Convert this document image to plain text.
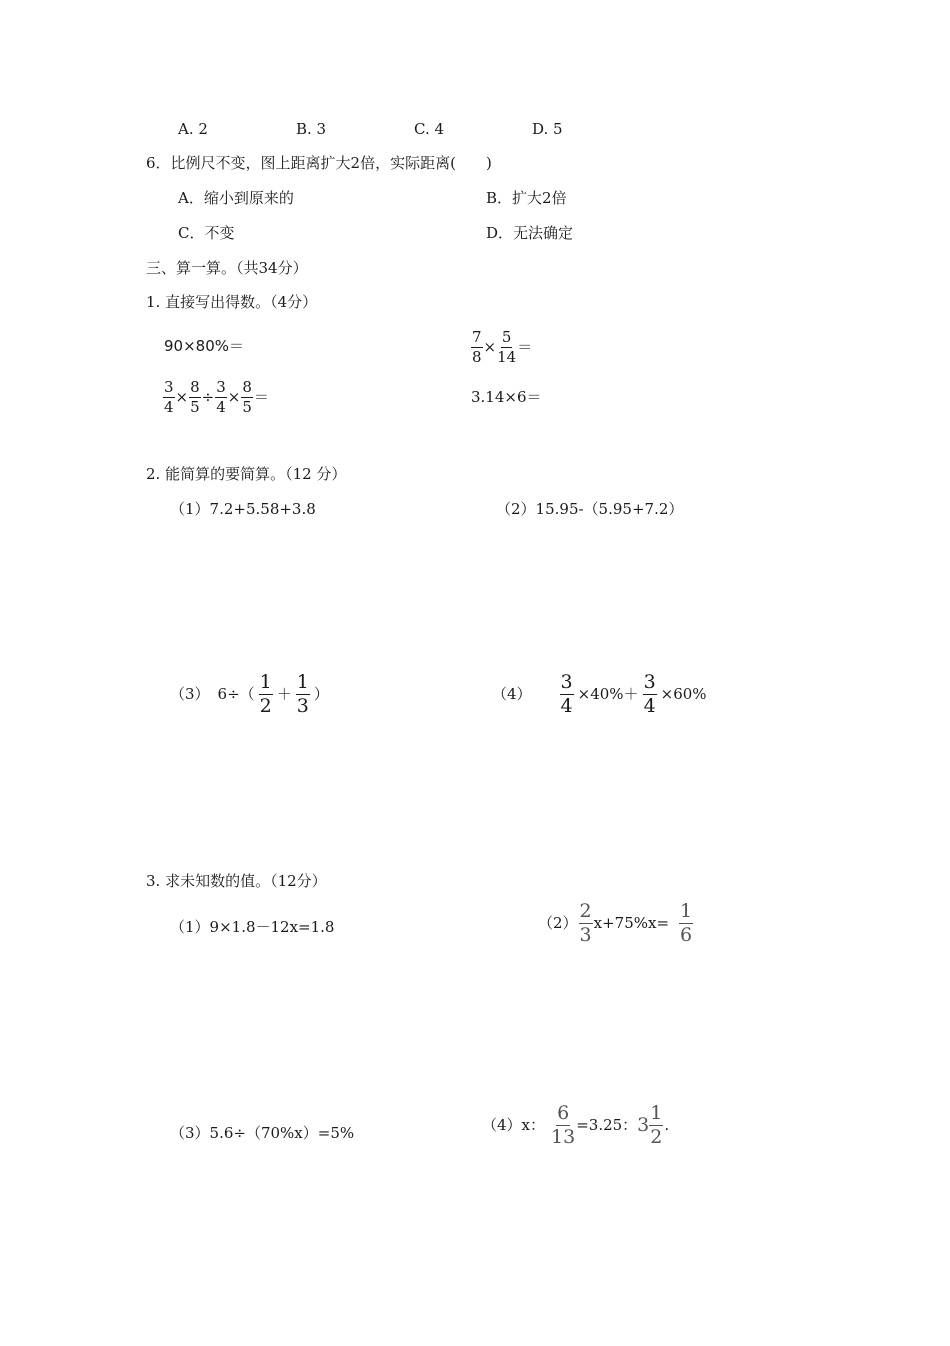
A. 2	B. 3	C. 4	D. 5
6．比例尺不变，图上距离扩大2倍，实际距离(　　)
A．缩小到原来的	B．扩大2倍
C．不变	D．无法确定
三、算一算。（共34分）
1. 直接写出得数。（4分）
90×80%＝	$\frac{7}{8} \times \frac{5}{14}$ ＝
$\frac{3}{4} \times \frac{8}{5} \div \frac{3}{4} \times \frac{8}{5}$ ＝	3.14×6＝
2. 能简算的要简算。（12 分）
（1）7.2+5.58+3.8	（2）15.95-（5.95+7.2）
（3） $6\div( \frac{1}{2} + \frac{1}{3}$ ）	$(4) \frac{3}{4} \times 40\%+ \frac{3}{4} \times 60\%$
3. 求未知数的值。（12分）
（1）9×1.8－12x=1.8	$(2) \frac{2}{3} x+75\%x= \frac{1}{6}$
（3）5.6÷（70%x）=5%	（4）x： $\frac{6}{13} =3.25$： $3 \frac{1}{2}$ .
